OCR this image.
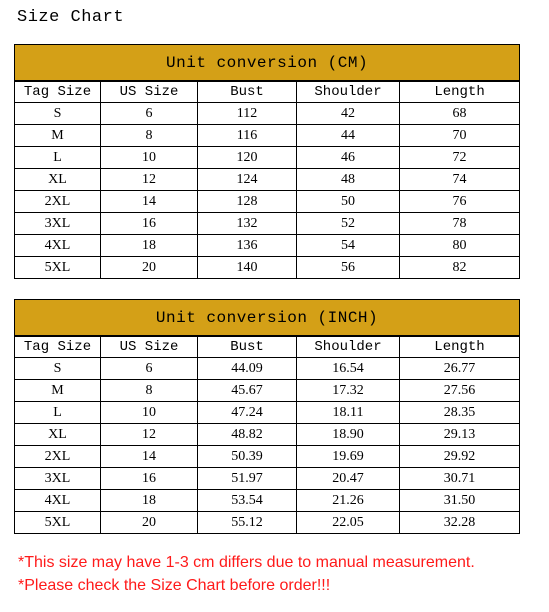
Size Chart
Unit conversion (CM)				
Tag Size	US Size	Bust	Shoulder	Length
S	6	112	42	68
M	8	116	44	70
L	10	120	46	72
XL	12	124	48	74
2XL	14	128	50	76
3XL	16	132	52	78
4XL	18	136	54	80
5XL	20	140	56	82
Unit conversion (INCH)				
Tag Size	US Size	Bust	Shoulder	Length
S	6	44.09	16.54	26.77
M	8	45.67	17.32	27.56
L	10	47.24	18.11	28.35
XL	12	48.82	18.90	29.13
2XL	14	50.39	19.69	29.92
3XL	16	51.97	20.47	30.71
4XL	18	53.54	21.26	31.50
5XL	20	55.12	22.05	32.28
*This size may have 1-3 cm differs due to manual measurement.
*Please check the Size Chart before order!!!
